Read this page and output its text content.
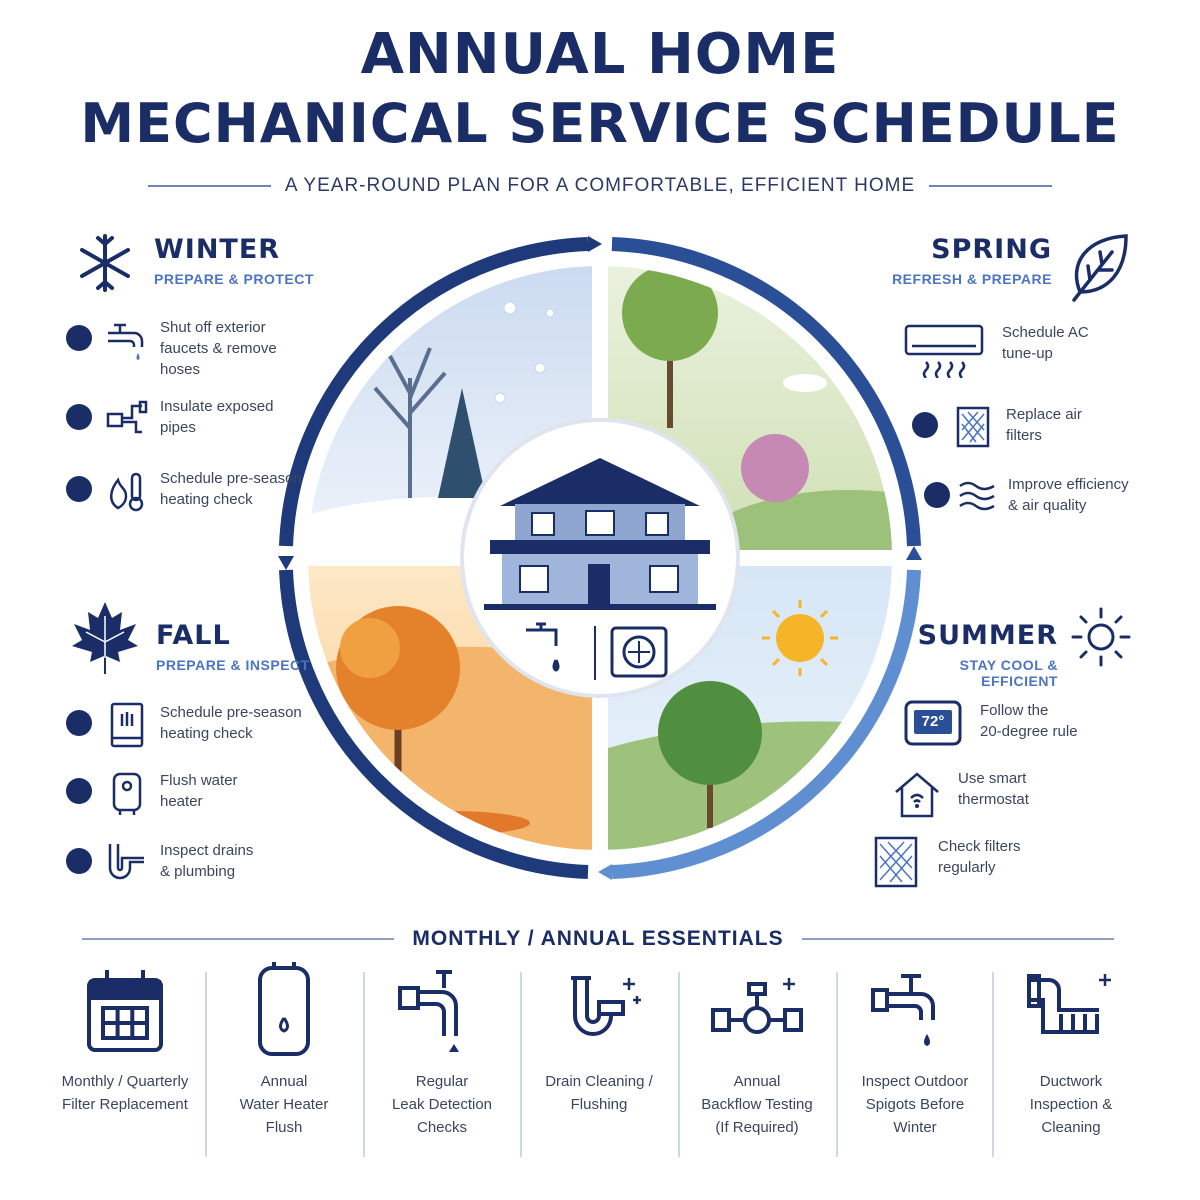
ANNUAL HOME
MECHANICAL SERVICE SCHEDULE
A YEAR-ROUND PLAN FOR A COMFORTABLE, EFFICIENT HOME
WINTER
PREPARE & PROTECT
Shut off exterior
faucets & remove
hoses
Insulate exposed
pipes
Schedule pre-season
heating check
SPRING
REFRESH & PREPARE
Schedule AC
tune-up
Replace air
filters
Improve efficiency
& air quality
FALL
PREPARE & INSPECT
Schedule pre-season
heating check
Flush water
heater
Inspect drains
& plumbing
SUMMER
STAY COOL & EFFICIENT
72°
Follow the
20-degree rule
Use smart
thermostat
Check filters
regularly
MONTHLY / ANNUAL ESSENTIALS
Monthly / Quarterly
Filter Replacement
Annual
Water Heater
Flush
Regular
Leak Detection
Checks
Drain Cleaning /
Flushing
Annual
Backflow Testing
(If Required)
Inspect Outdoor
Spigots Before
Winter
Ductwork
Inspection &
Cleaning
